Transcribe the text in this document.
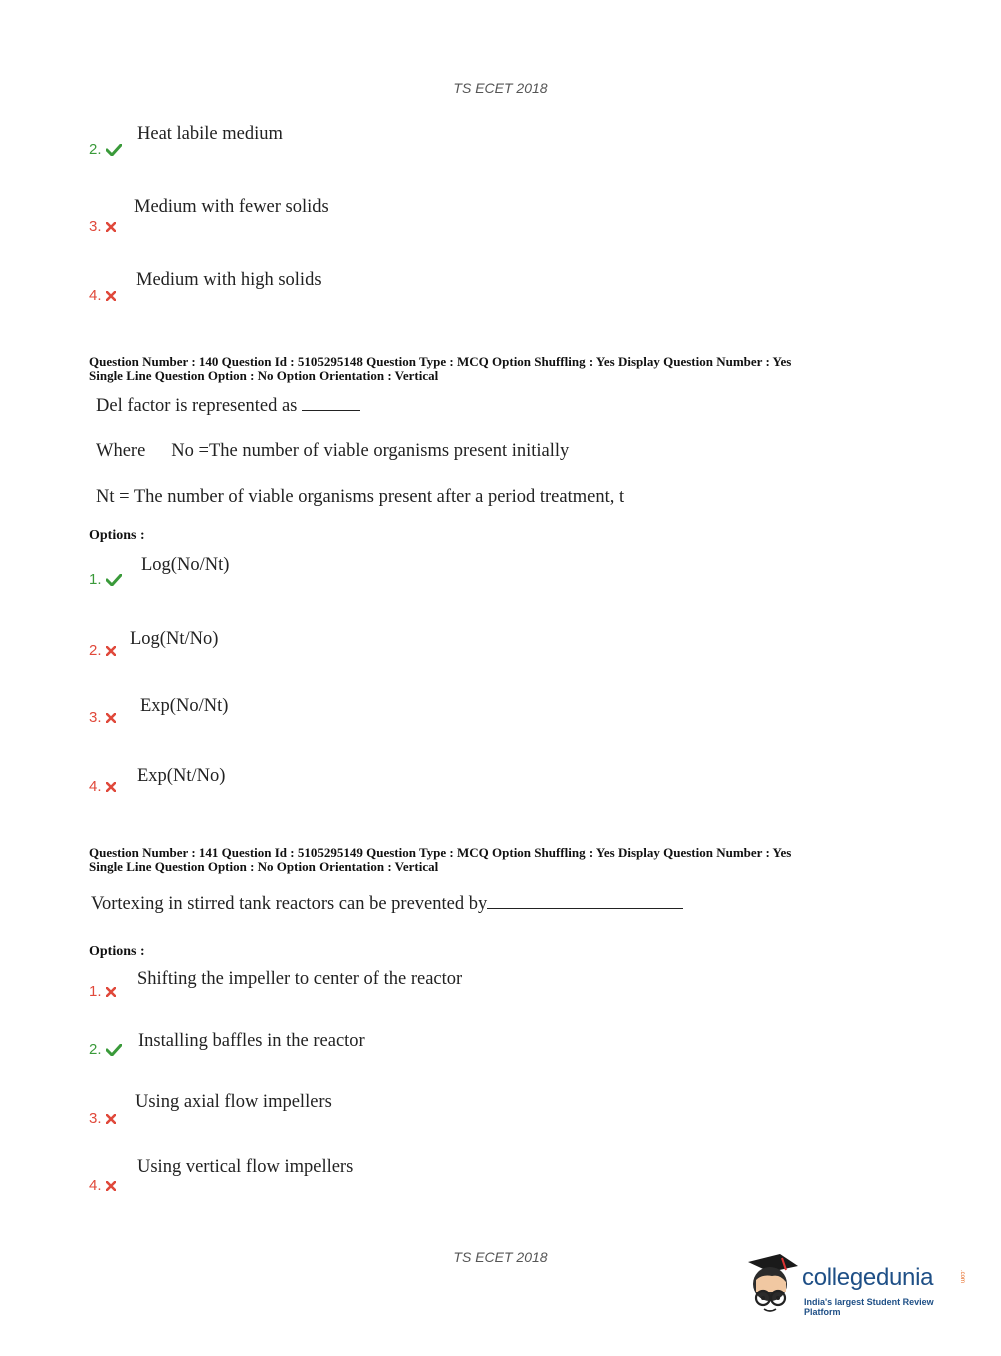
TS ECET 2018
Heat labile medium
2.
Medium with fewer solids
3.
Medium with high solids
4.
Question Number : 140 Question Id : 5105295148 Question Type : MCQ Option Shuffling : Yes Display Question Number : Yes
Single Line Question Option : No Option Orientation : Vertical
Del factor is represented as
Where No =The number of viable organisms present initially
Nt = The number of viable organisms present after a period treatment, t
Options :
Log(No/Nt)
1.
Log(Nt/No)
2.
Exp(No/Nt)
3.
Exp(Nt/No)
4.
Question Number : 141 Question Id : 5105295149 Question Type : MCQ Option Shuffling : Yes Display Question Number : Yes
Single Line Question Option : No Option Orientation : Vertical
Vortexing in stirred tank reactors can be prevented by
Options :
Shifting the impeller to center of the reactor
1.
Installing baffles in the reactor
2.
Using axial flow impellers
3.
Using vertical flow impellers
4.
TS ECET 2018
collegedunia	.com
India's largest Student Review Platform
